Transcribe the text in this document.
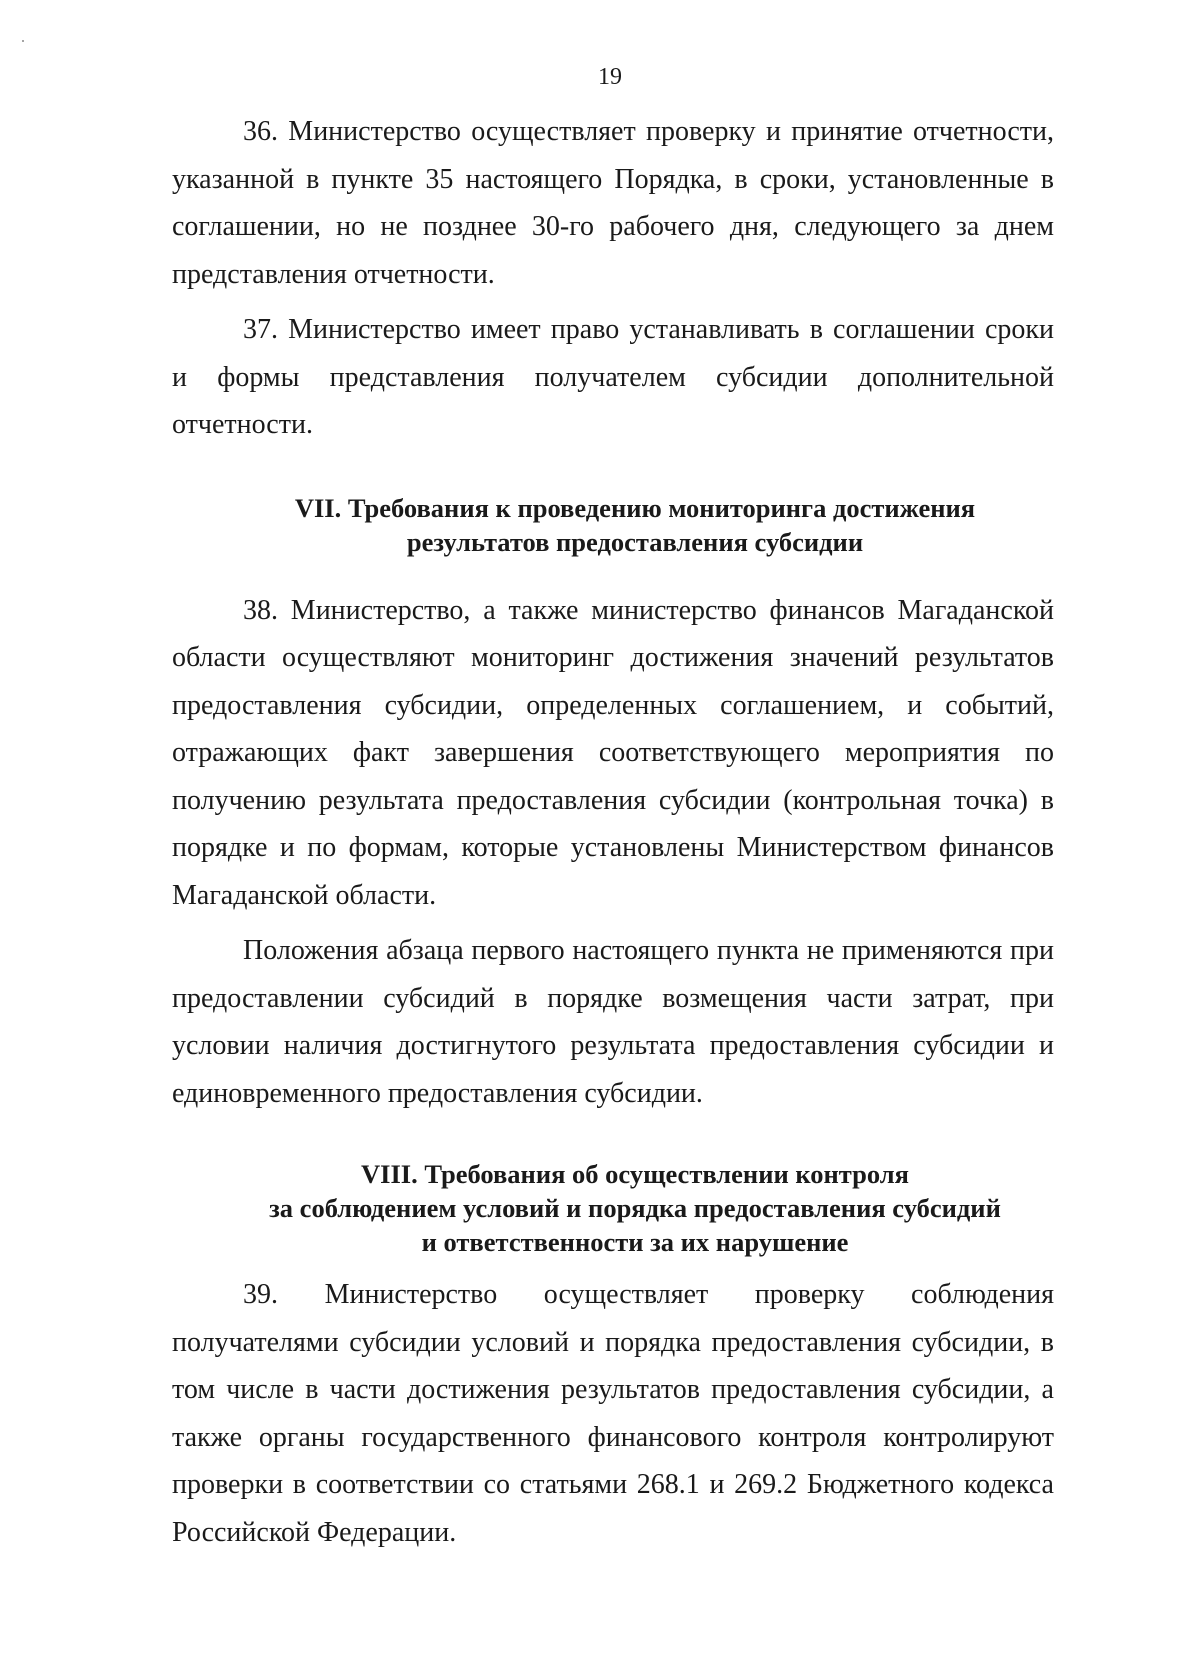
19

36. Министерство осуществляет проверку и принятие отчетности, указанной в пункте 35 настоящего Порядка, в сроки, установленные в соглашении, но не позднее 30-го рабочего дня, следующего за днем представления отчетности.

37. Министерство имеет право устанавливать в соглашении сроки и формы представления получателем субсидии дополнительной отчетности.

VII. Требования к проведению мониторинга достижения
результатов предоставления субсидии

38. Министерство, а также министерство финансов Магаданской области осуществляют мониторинг достижения значений результатов предоставления субсидии, определенных соглашением, и событий, отражающих факт завершения соответствующего мероприятия по получению результата предоставления субсидии (контрольная точка) в порядке и по формам, которые установлены Министерством финансов Магаданской области.

Положения абзаца первого настоящего пункта не применяются при предоставлении субсидий в порядке возмещения части затрат, при условии наличия достигнутого результата предоставления субсидии и единовременного предоставления субсидии.

VIII. Требования об осуществлении контроля
за соблюдением условий и порядка предоставления субсидий
и ответственности за их нарушение

39. Министерство осуществляет проверку соблюдения получателями субсидии условий и порядка предоставления субсидии, в том числе в части достижения результатов предоставления субсидии, а также органы государственного финансового контроля контролируют проверки в соответствии со статьями 268.1 и 269.2 Бюджетного кодекса Российской Федерации.
